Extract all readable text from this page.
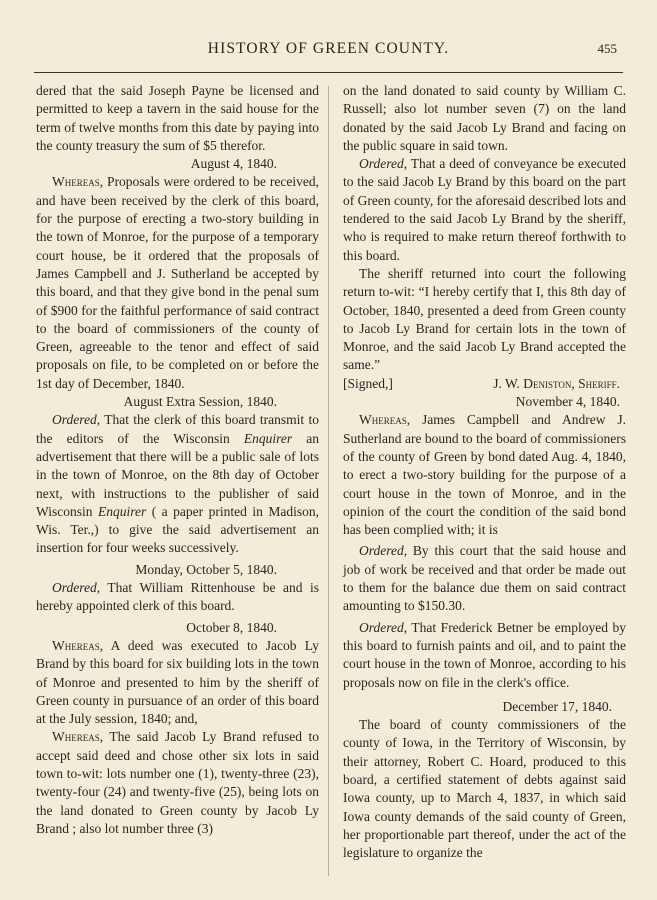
HISTORY OF GREEN COUNTY.	455

dered that the said Joseph Payne be licensed and permitted to keep a tavern in the said house for the term of twelve months from this date by paying into the county treasury the sum of $5 therefor.

August 4, 1840.

Whereas, Proposals were ordered to be received, and have been received by the clerk of this board, for the purpose of erecting a two-story building in the town of Monroe, for the purpose of a temporary court house, be it ordered that the proposals of James Campbell and J. Sutherland be accepted by this board, and that they give bond in the penal sum of $900 for the faithful performance of said contract to the board of commissioners of the county of Green, agreeable to the tenor and effect of said proposals on file, to be completed on or before the 1st day of December, 1840.

August Extra Session, 1840.

Ordered, That the clerk of this board transmit to the editors of the Wisconsin Enquirer an advertisement that there will be a public sale of lots in the town of Monroe, on the 8th day of October next, with instructions to the publisher of said Wisconsin Enquirer ( a paper printed in Madison, Wis. Ter.,) to give the said advertisement an insertion for four weeks successively.

Monday, October 5, 1840.

Ordered, That William Rittenhouse be and is hereby appointed clerk of this board.

October 8, 1840.

Whereas, A deed was executed to Jacob Ly Brand by this board for six building lots in the town of Monroe and presented to him by the sheriff of Green county in pursuance of an order of this board at the July session, 1840; and,

Whereas, The said Jacob Ly Brand refused to accept said deed and chose other six lots in said town to-wit: lots number one (1), twenty-three (23), twenty-four (24) and twenty-five (25), being lots on the land donated to Green county by Jacob Ly Brand ; also lot number three (3)

on the land donated to said county by William C. Russell; also lot number seven (7) on the land donated by the said Jacob Ly Brand and facing on the public square in said town.

Ordered, That a deed of conveyance be executed to the said Jacob Ly Brand by this board on the part of Green county, for the aforesaid described lots and tendered to the said Jacob Ly Brand by the sheriff, who is required to make return thereof forthwith to this board.

The sheriff returned into court the following return to-wit: “I hereby certify that I, this 8th day of October, 1840, presented a deed from Green county to Jacob Ly Brand for certain lots in the town of Monroe, and the said Jacob Ly Brand accepted the same.”

[Signed,]	J. W. Deniston, Sheriff.

November 4, 1840.

Whereas, James Campbell and Andrew J. Sutherland are bound to the board of commissioners of the county of Green by bond dated Aug. 4, 1840, to erect a two-story building for the purpose of a court house in the town of Monroe, and in the opinion of the court the condition of the said bond has been complied with; it is

Ordered, By this court that the said house and job of work be received and that order be made out to them for the balance due them on said contract amounting to $150.30.

Ordered, That Frederick Betner be employed by this board to furnish paints and oil, and to paint the court house in the town of Monroe, according to his proposals now on file in the clerk's office.

December 17, 1840.

The board of county commissioners of the county of Iowa, in the Territory of Wisconsin, by their attorney, Robert C. Hoard, produced to this board, a certified statement of debts against said Iowa county, up to March 4, 1837, in which said Iowa county demands of the said county of Green, her proportionable part thereof, under the act of the legislature to organize the
